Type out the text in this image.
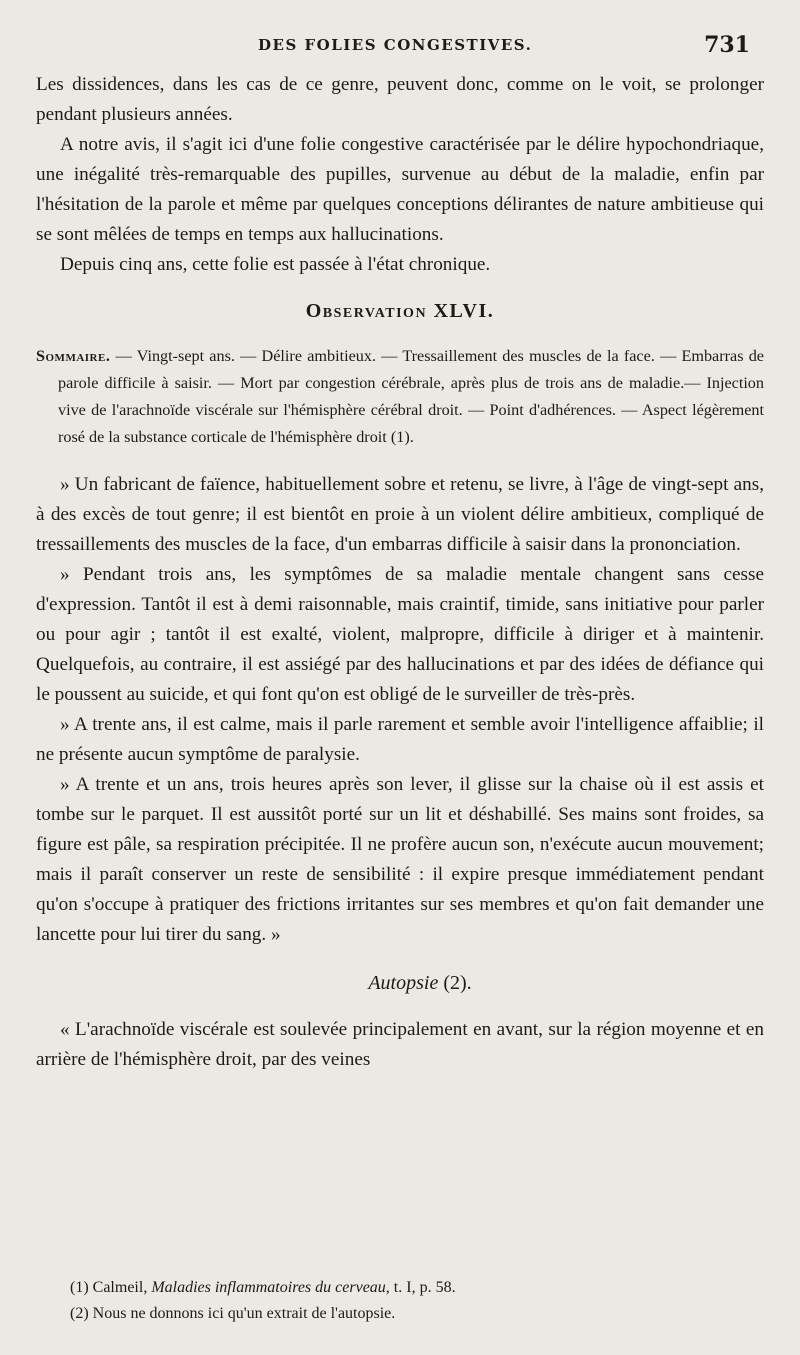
DES FOLIES CONGESTIVES.	731

Les dissidences, dans les cas de ce genre, peuvent donc, comme on le voit, se prolonger pendant plusieurs années.

A notre avis, il s'agit ici d'une folie congestive caractérisée par le délire hypochondriaque, une inégalité très-remarquable des pupilles, survenue au début de la maladie, enfin par l'hésitation de la parole et même par quelques conceptions délirantes de nature ambitieuse qui se sont mêlées de temps en temps aux hallucinations.

Depuis cinq ans, cette folie est passée à l'état chronique.

Observation XLVI.
Sommaire. — Vingt-sept ans. — Délire ambitieux. — Tressaillement des muscles de la face. — Embarras de parole difficile à saisir. — Mort par congestion cérébrale, après plus de trois ans de maladie.— Injection vive de l'arachnoïde viscérale sur l'hémisphère cérébral droit. — Point d'adhérences. — Aspect légèrement rosé de la substance corticale de l'hémisphère droit (1).

» Un fabricant de faïence, habituellement sobre et retenu, se livre, à l'âge de vingt-sept ans, à des excès de tout genre; il est bientôt en proie à un violent délire ambitieux, compliqué de tressaillements des muscles de la face, d'un embarras difficile à saisir dans la prononciation.

» Pendant trois ans, les symptômes de sa maladie mentale changent sans cesse d'expression. Tantôt il est à demi raisonnable, mais craintif, timide, sans initiative pour parler ou pour agir ; tantôt il est exalté, violent, malpropre, difficile à diriger et à maintenir. Quelquefois, au contraire, il est assiégé par des hallucinations et par des idées de défiance qui le poussent au suicide, et qui font qu'on est obligé de le surveiller de très-près.

» A trente ans, il est calme, mais il parle rarement et semble avoir l'intelligence affaiblie; il ne présente aucun symptôme de paralysie.

» A trente et un ans, trois heures après son lever, il glisse sur la chaise où il est assis et tombe sur le parquet. Il est aussitôt porté sur un lit et déshabillé. Ses mains sont froides, sa figure est pâle, sa respiration précipitée. Il ne profère aucun son, n'exécute aucun mouvement; mais il paraît conserver un reste de sensibilité : il expire presque immédiatement pendant qu'on s'occupe à pratiquer des frictions irritantes sur ses membres et qu'on fait demander une lancette pour lui tirer du sang. »

Autopsie (2).

« L'arachnoïde viscérale est soulevée principalement en avant, sur la région moyenne et en arrière de l'hémisphère droit, par des veines

(1) Calmeil, Maladies inflammatoires du cerveau, t. I, p. 58.
(2) Nous ne donnons ici qu'un extrait de l'autopsie.
